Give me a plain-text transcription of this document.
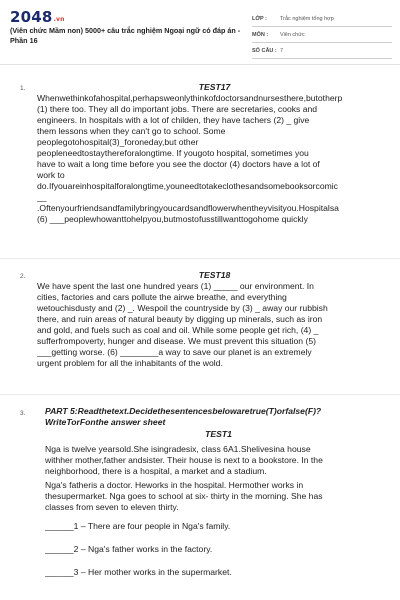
$2048_{.vn}$
(Viên chức Mầm non) 5000+ câu trắc nghiệm Ngoại ngữ có đáp án - Phần 16
LỚP :	Trắc nghiệm tổng hợp
MÔN :	Viên chức
SỐ CÂU : 7
1.	TEST17

Whenwethinkofahospital,perhapsweonlythinkofdoctorsandnursesthere,butotherp

(1) there too. They all do important jobs. There are secretaries, cooks and

engineers. In hospitals with a lot of childen, they have tachers (2) _ give

them lessons when they can't go to school. Some

peoplegotohospital(3)_foroneday,but other

peopleneedtostaythereforalongtime. If yougoto hospital, sometimes you

have to wait a long time before you see the doctor (4) doctors have a lot of

work to

do.Ifyouareinhospitalforalongtime,youneedtotakeclothesandsomebooksorcomic

__

.Oftenyourfriendsandfamilybringyoucardsandflowerwhentheyvisityou.Hospitalsa

(6) ___peoplewhowanttohelpyou,butmostofusstillwanttogohome quickly

2.	TEST18

We have spent the last one hundred years (1) _____ our environment. In

cities, factories and cars pollute the airwe breathe, and everything

wetouchisdusty and (2) _. Wespoil the countryside by (3) _ away our rubbish

there, and ruin areas of natural beauty by digging up minerals, such as iron

and gold, and fuels such as coal and oil. While some people get rich, (4) _

sufferfrompoverty, hunger and disease. We must prevent this situation (5)

___getting worse. (6) ________a way to save our planet is an extremely

urgent problem for all the inhabitants of the wold.

3. PART 5:Readthetext.Decidethesentencesbelowaretrue(T)orfalse(F)?

WriteTorFonthe answer sheet

TEST1

Nga is twelve yearsold.She isingradesix, class 6A1.Shelivesina house

withher mother,father andsister. Their house is next to a bookstore. In the

neighborhood, there is a hospital, a market and a stadium.

Nga's fatheris a doctor. Heworks in the hospital. Hermother works in

thesupermarket. Nga goes to school at six- thirty in the morning. She has

classes from seven to eleven thirty.

______1 – There are four people in Nga's family.

______2 – Nga's father works in the factory.

______3 – Her mother works in the supermarket.
